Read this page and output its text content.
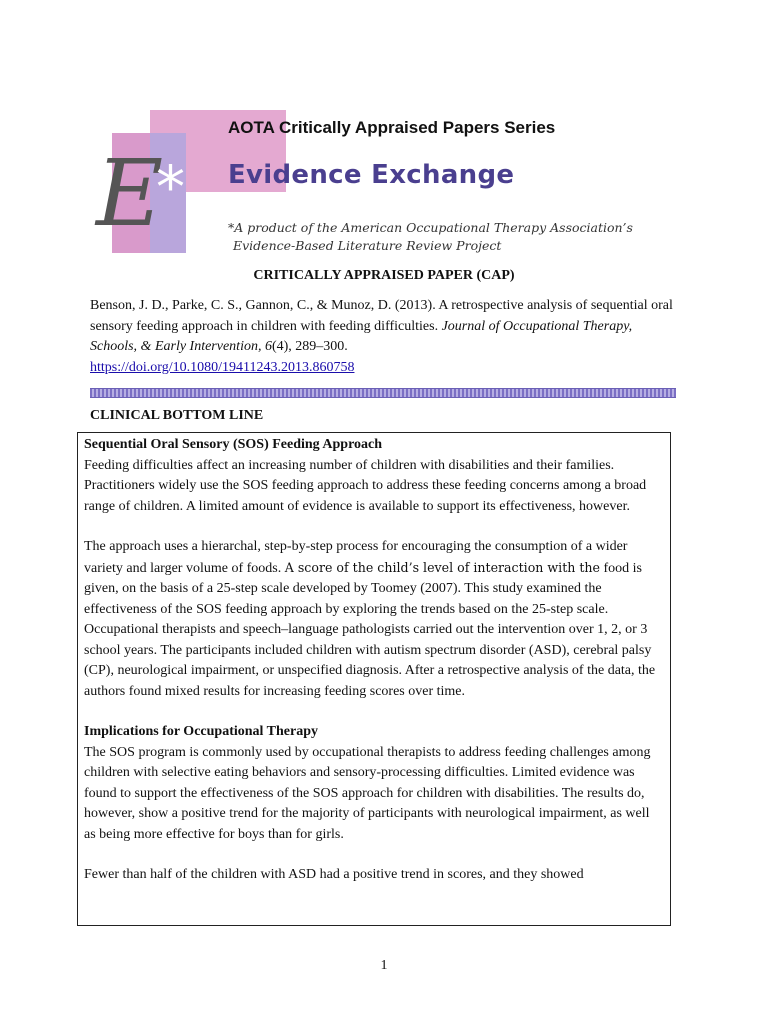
E
*
AOTA Critically Appraised Papers Series
Evidence Exchange
*A product of the American Occupational Therapy Association’s
Evidence-Based Literature Review Project
CRITICALLY APPRAISED PAPER (CAP)
Benson, J. D., Parke, C. S., Gannon, C., & Munoz, D. (2013). A retrospective analysis of sequential oral sensory feeding approach in children with feeding difficulties. Journal of Occupational Therapy, Schools, & Early Intervention, 6(4), 289–300.
https://doi.org/10.1080/19411243.2013.860758
CLINICAL BOTTOM LINE

Sequential Oral Sensory (SOS) Feeding Approach

Feeding difficulties affect an increasing number of children with disabilities and their families. Practitioners widely use the SOS feeding approach to address these feeding concerns among a broad range of children. A limited amount of evidence is available to support its effectiveness, however.

The approach uses a hierarchal, step-by-step process for encouraging the consumption of a wider variety and larger volume of foods. A score of the child’s level of interaction with the food is given, on the basis of a 25-step scale developed by Toomey (2007). This study examined the effectiveness of the SOS feeding approach by exploring the trends based on the 25-step scale. Occupational therapists and speech–language pathologists carried out the intervention over 1, 2, or 3 school years. The participants included children with autism spectrum disorder (ASD), cerebral palsy (CP), neurological impairment, or unspecified diagnosis. After a retrospective analysis of the data, the authors found mixed results for increasing feeding scores over time.

Implications for Occupational Therapy

The SOS program is commonly used by occupational therapists to address feeding challenges among children with selective eating behaviors and sensory-processing difficulties. Limited evidence was found to support the effectiveness of the SOS approach for children with disabilities. The results do, however, show a positive trend for the majority of participants with neurological impairment, as well as being more effective for boys than for girls.

Fewer than half of the children with ASD had a positive trend in scores, and they showed

1
